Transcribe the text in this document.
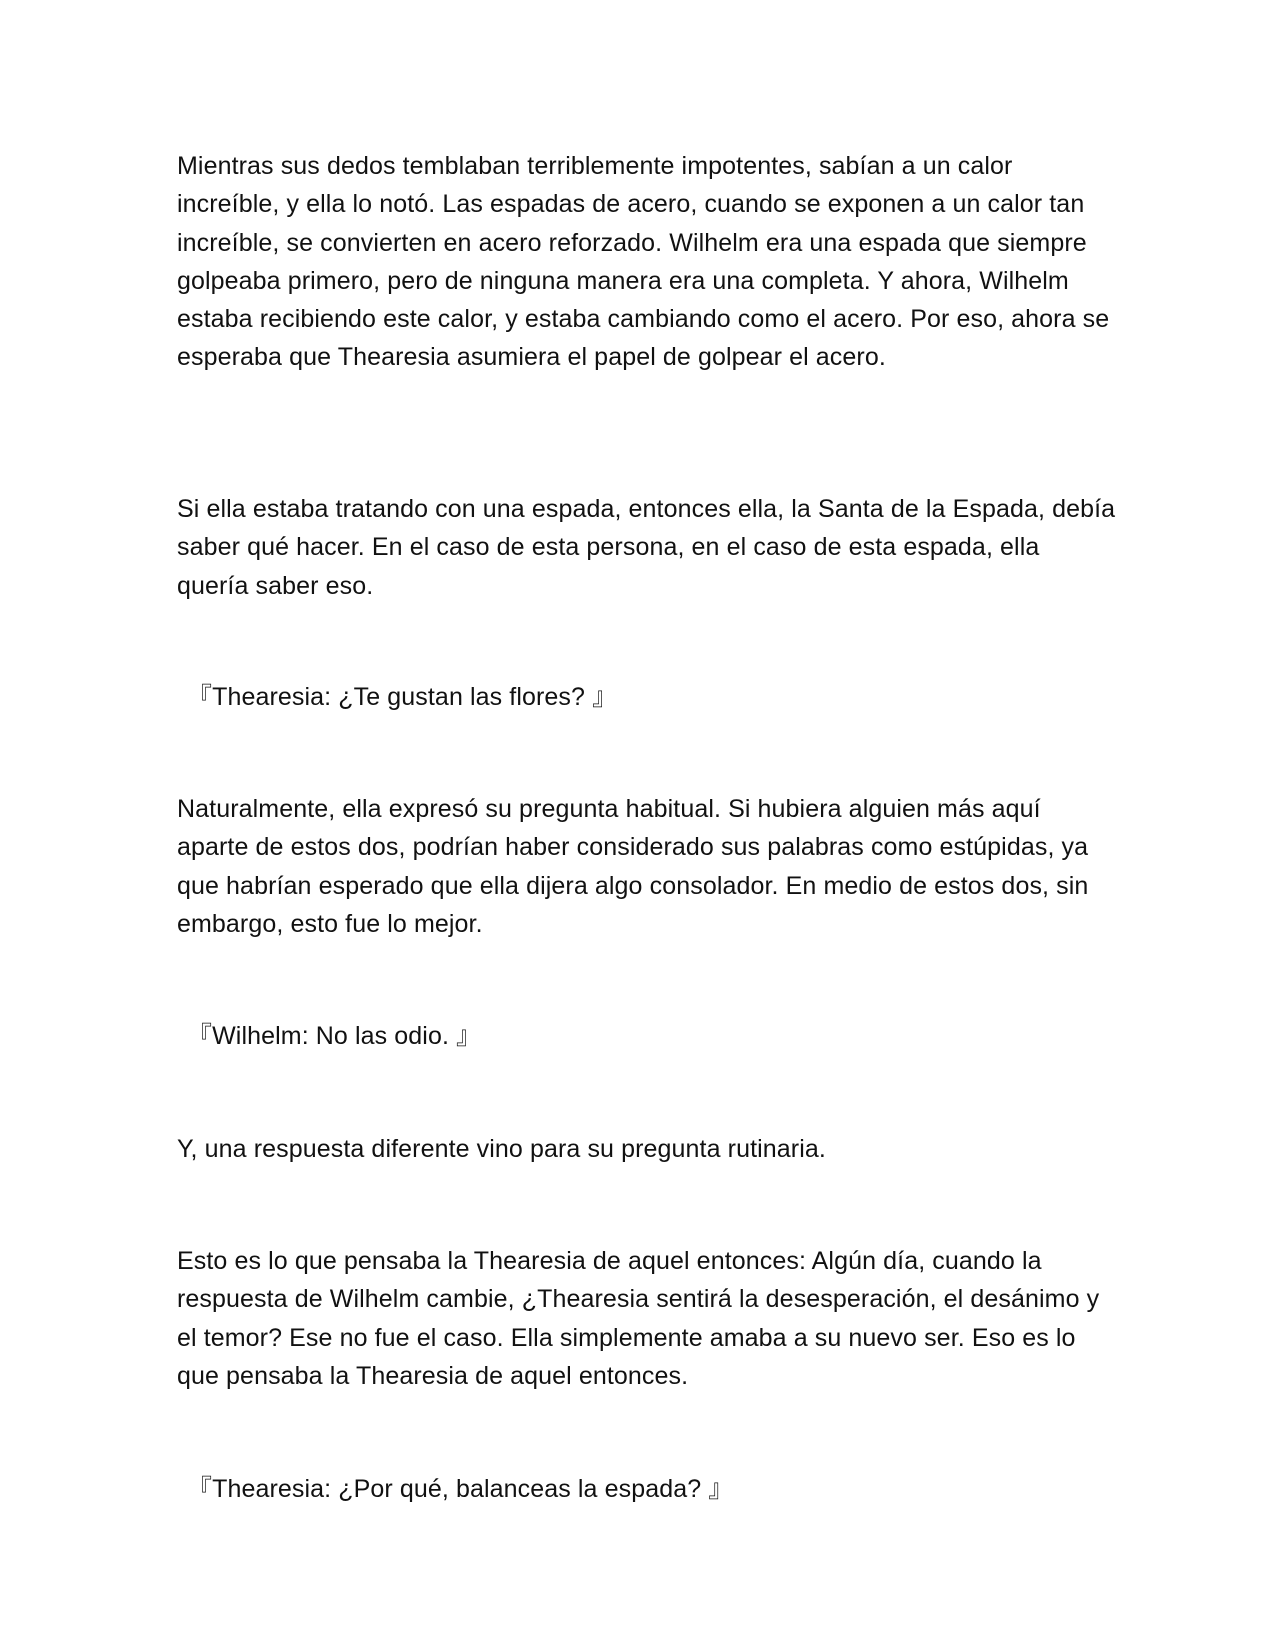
Mientras sus dedos temblaban terriblemente impotentes, sabían a un calor increíble, y ella lo notó. Las espadas de acero, cuando se exponen a un calor tan increíble, se convierten en acero reforzado. Wilhelm era una espada que siempre golpeaba primero, pero de ninguna manera era una completa. Y ahora, Wilhelm estaba recibiendo este calor, y estaba cambiando como el acero. Por eso, ahora se esperaba que Thearesia asumiera el papel de golpear el acero.

Si ella estaba tratando con una espada, entonces ella, la Santa de la Espada, debía saber qué hacer. En el caso de esta persona, en el caso de esta espada, ella quería saber eso.

『Thearesia: ¿Te gustan las flores? 』

Naturalmente, ella expresó su pregunta habitual. Si hubiera alguien más aquí aparte de estos dos, podrían haber considerado sus palabras como estúpidas, ya que habrían esperado que ella dijera algo consolador. En medio de estos dos, sin embargo, esto fue lo mejor.

『Wilhelm: No las odio. 』

Y, una respuesta diferente vino para su pregunta rutinaria.

Esto es lo que pensaba la Thearesia de aquel entonces: Algún día, cuando la respuesta de Wilhelm cambie, ¿Thearesia sentirá la desesperación, el desánimo y el temor? Ese no fue el caso. Ella simplemente amaba a su nuevo ser. Eso es lo que pensaba la Thearesia de aquel entonces.

『Thearesia: ¿Por qué, balanceas la espada? 』
